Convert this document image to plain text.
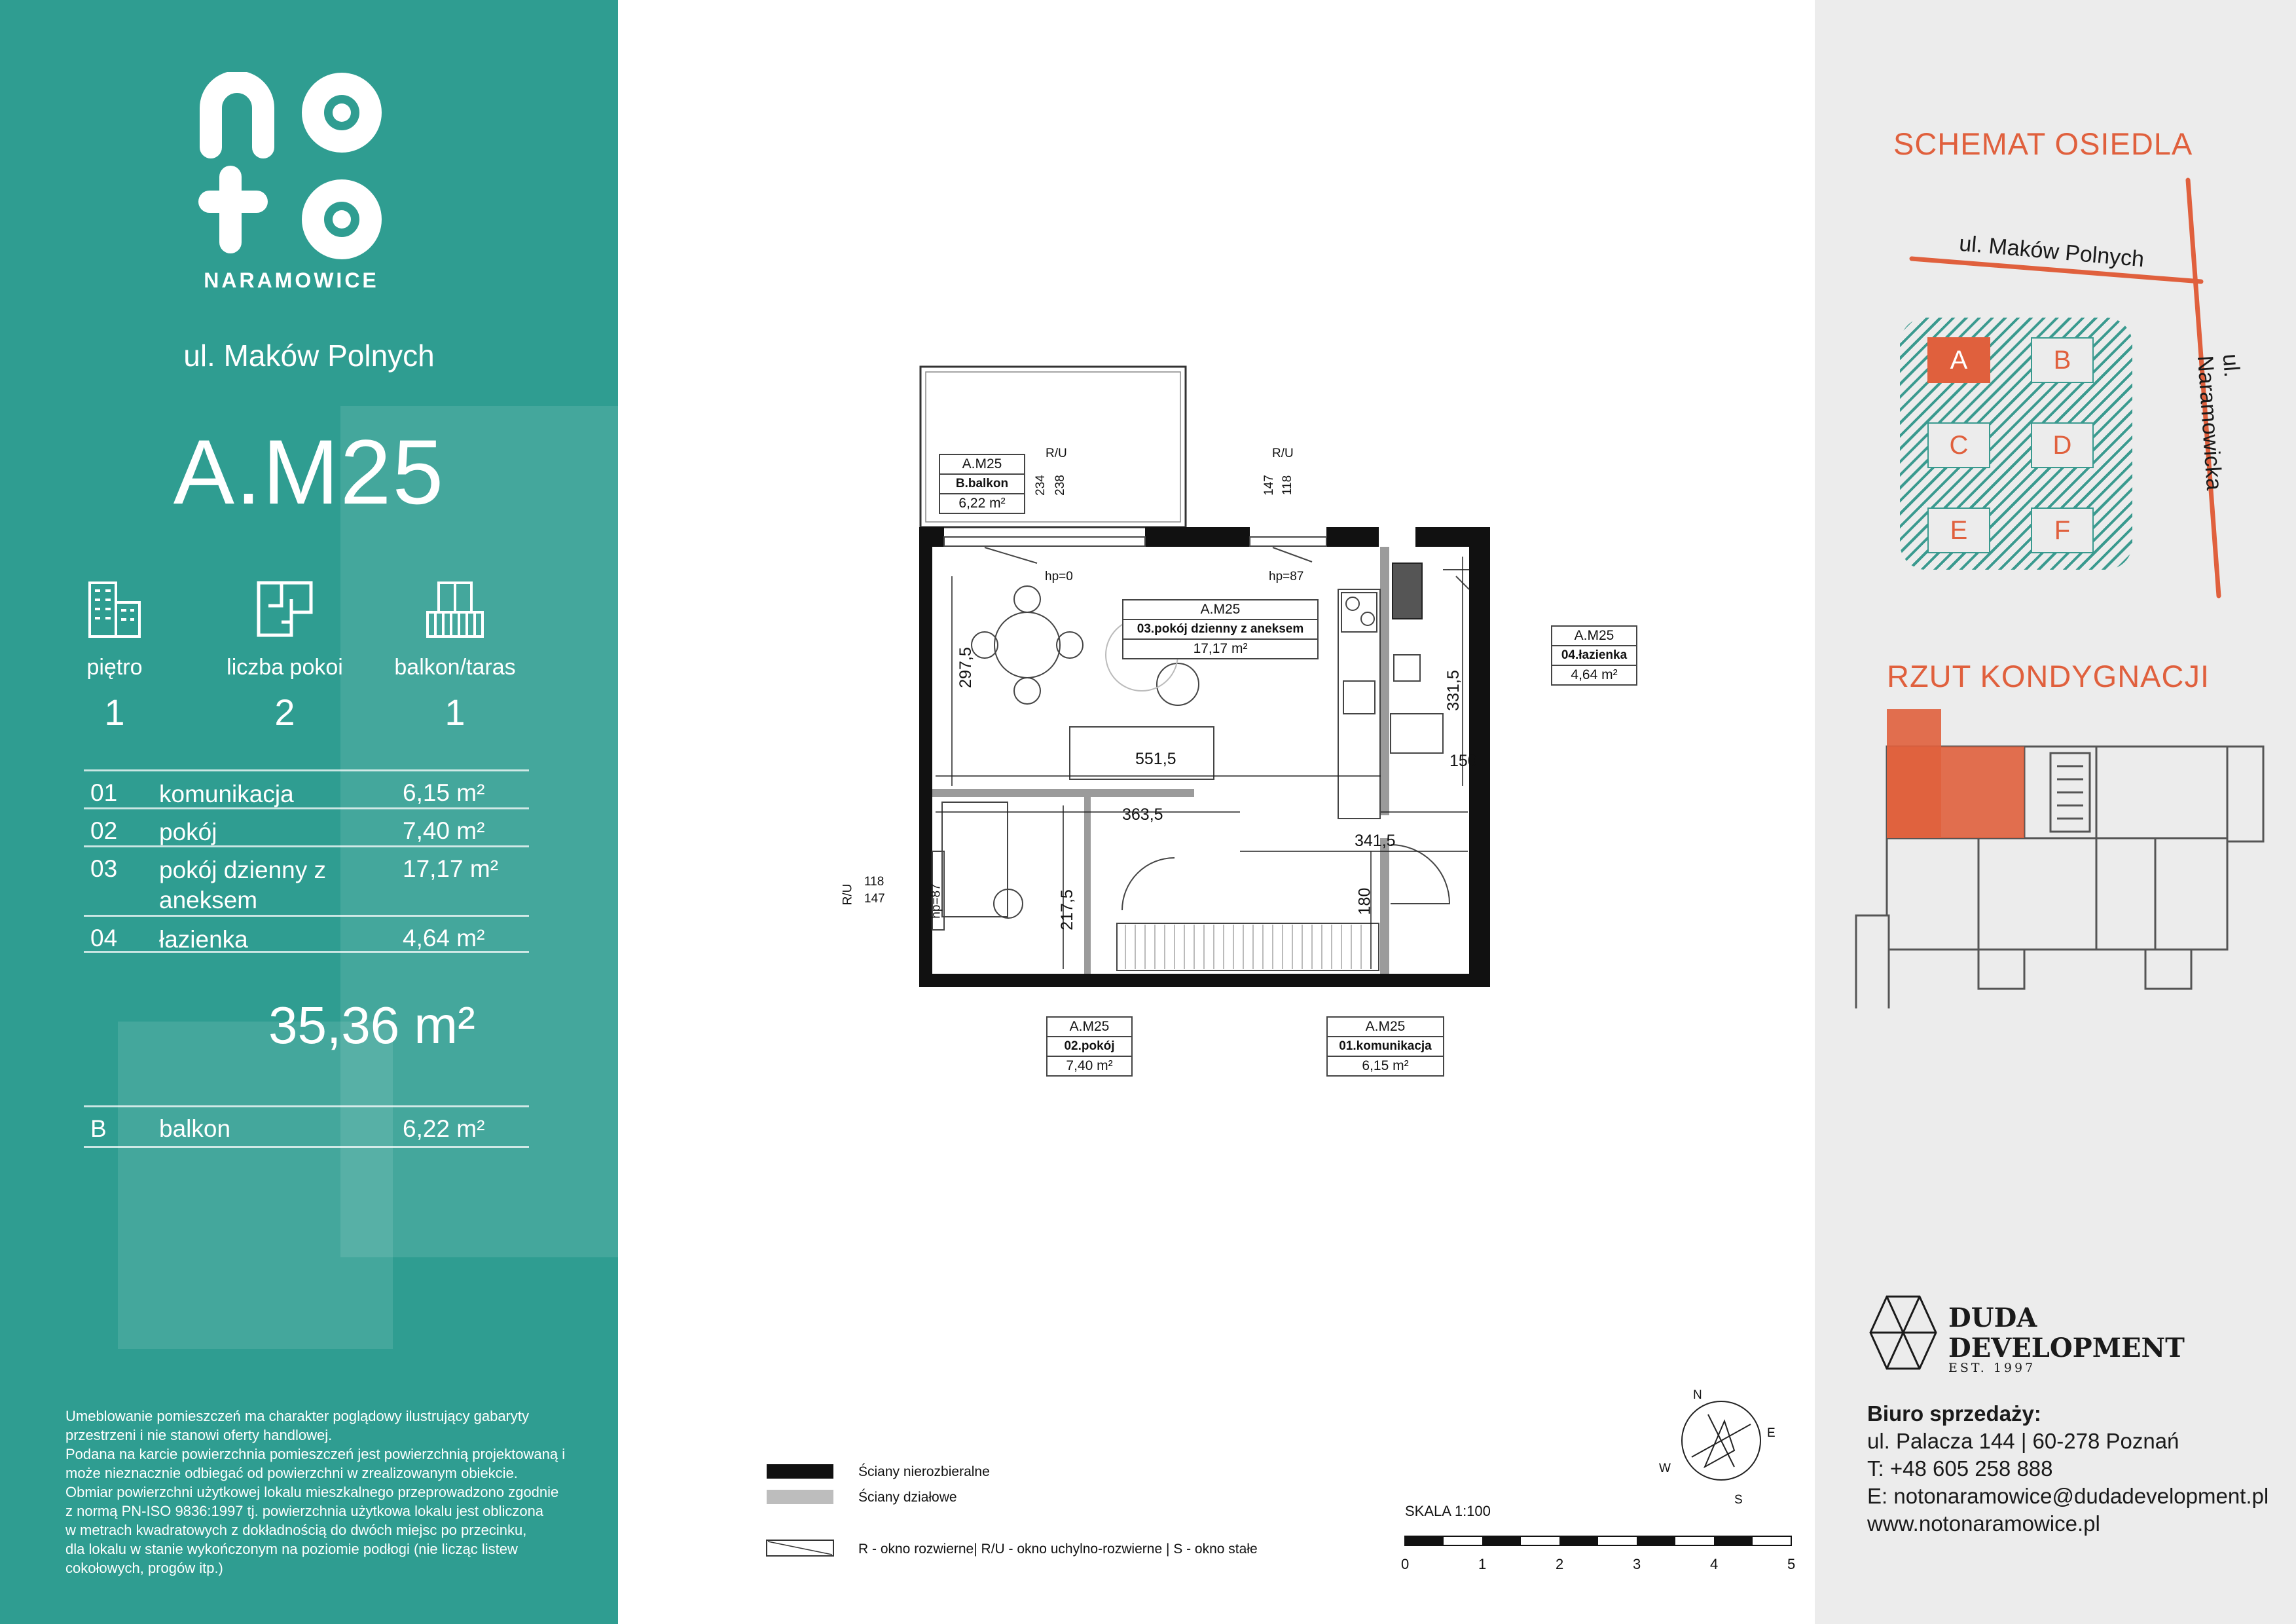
NARAMOWICE
ul. Maków Polnych
A.M25
piętro
1
liczba pokoi
2
balkon/taras
1
01 komunikacja	6,15 m²
02 pokój	7,40 m²
03 pokój dzienny z aneksem
17,17 m²
04 łazienka	4,64 m²
35,36 m²
B balkon	6,22 m²
Umeblowanie pomieszczeń ma charakter poglądowy ilustrujący gabaryty
przestrzeni i nie stanowi oferty handlowej.
Podana na karcie powierzchnia pomieszczeń jest powierzchnią projektowaną i
może nieznacznie odbiegać od powierzchni w zrealizowanym obiekcie.
Obmiar powierzchni użytkowej lokalu mieszkalnego przeprowadzono zgodnie
z normą PN-ISO 9836:1997 tj. powierzchnia użytkowa lokalu jest obliczona
w metrach kwadratowych z dokładnością do dwóch miejsc po przecinku,
dla lokalu w stanie wykończonym na poziomie podłogi (nie licząc listew
cokołowych, progów itp.)
A.M25
B.balkon
6,22 m²
A.M25
03.pokój dzienny z aneksem
17,17 m²
A.M25
04.łazienka
4,64 m²
A.M25
02.pokój
7,40 m²
A.M25
01.komunikacja
6,15 m²
297,5
551,5
363,5
331,5
150
341,5
217,5	180
R/U
234 238
R/U
147 118
R/U
118
147
hp=0	hp=87
hp=87
N
E
S
W
Ściany nierozbieralne
Ściany działowe
R - okno rozwierne| R/U - okno uchylno-rozwierne | S - okno stałe
SKALA 1:100
0	1	2	3	4	5
SCHEMAT OSIEDLA
ul. Maków Polnych
ul. Naramowicka
A	B
C	D
E	F
RZUT KONDYGNACJI
DUDA
DEVELOPMENT
EST. 1997
Biuro sprzedaży:
ul. Palacza 144 | 60-278 Poznań
T: +48 605 258 888
E: notonaramowice@dudadevelopment.pl
www.notonaramowice.pl
